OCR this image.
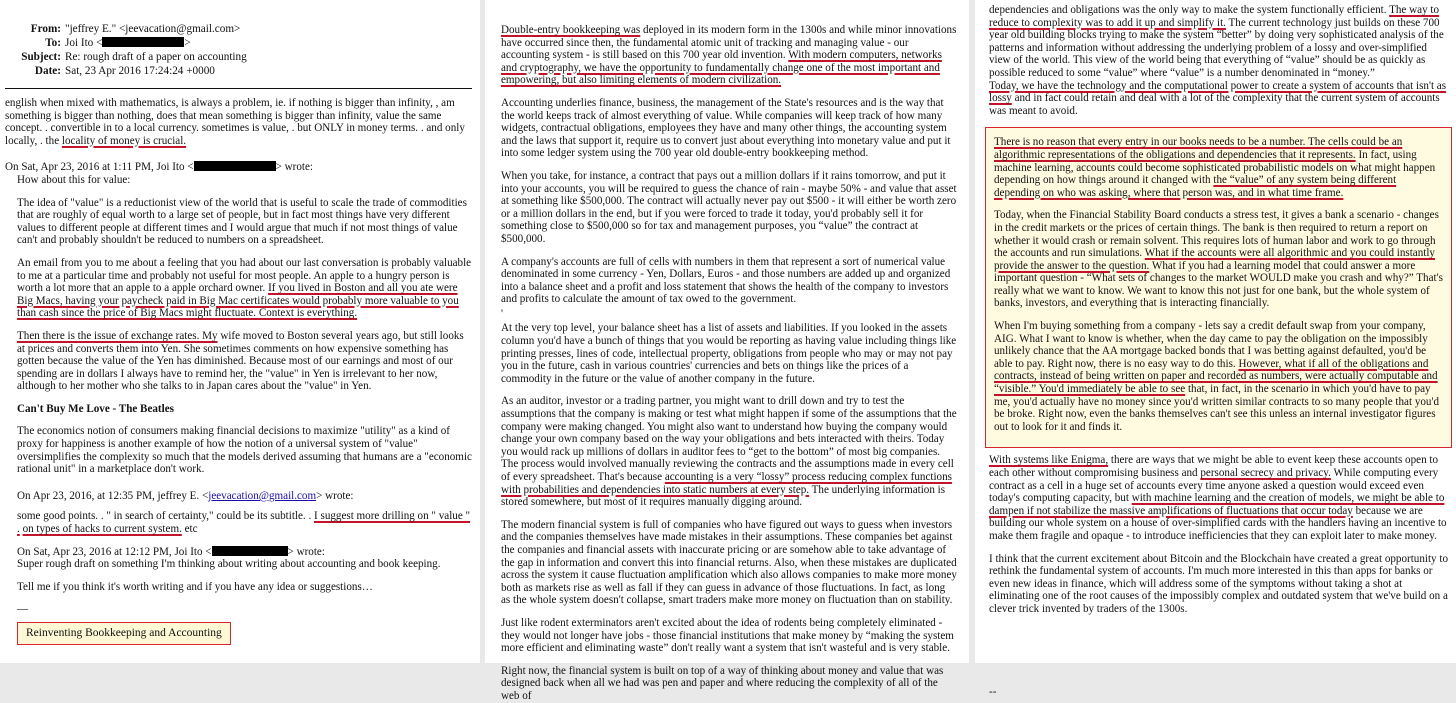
From: "jeffrey E." <jeevacation@gmail.com>
To: Joi Ito <	>
Subject: Re: rough draft of a paper on accounting
Date: Sat, 23 Apr 2016 17:24:24 +0000

english when mixed with mathematics, is always a problem, ie. if nothing is bigger than infinity, , am something is bigger than nothing, does that mean something is bigger than infinity, value the same concept. . convertible in to a local currency. sometimes is value, . but ONLY in money terms. . and only locally, . the locality of money is crucial.

On Sat, Apr 23, 2016 at 1:11 PM, Joi Ito <	> wrote:

How about this for value:

The idea of "value" is a reductionist view of the world that is useful to scale the trade of commodities that are roughly of equal worth to a large set of people, but in fact most things have very different values to different people at different times and I would argue that much if not most things of value can't and probably shouldn't be reduced to numbers on a spreadsheet.

An email from you to me about a feeling that you had about our last conversation is probably valuable to me at a particular time and probably not useful for most people. An apple to a hungry person is worth a lot more that an apple to a apple orchard owner. If you lived in Boston and all you ate were Big Macs, having your paycheck paid in Big Mac certificates would probably more valuable to you than cash since the price of Big Macs might fluctuate. Context is everything.

Then there is the issue of exchange rates. My wife moved to Boston several years ago, but still looks at prices and converts them into Yen. She sometimes comments on how expensive something has gotten because the value of the Yen has diminished. Because most of our earnings and most of our spending are in dollars I always have to remind her, the "value" in Yen is irrelevant to her now, although to her mother who she talks to in Japan cares about the "value" in Yen.

Can't Buy Me Love - The Beatles

The economics notion of consumers making financial decisions to maximize "utility" as a kind of proxy for happiness is another example of how the notion of a universal system of "value" oversimplifies the complexity so much that the models derived assuming that humans are a "economic rational unit" in a marketplace don't work.

On Apr 23, 2016, at 12:35 PM, jeffrey E. <jeevacation@gmail.com> wrote:

some good points. . " in search of certainty," could be its subtitle. . I suggest more drilling on " value " . on types of hacks to current system. etc

On Sat, Apr 23, 2016 at 12:12 PM, Joi Ito <	> wrote:

Super rough draft on something I'm thinking about writing about accounting and book keeping.

Tell me if you think it's worth writing and if you have any idea or suggestions…

—

Reinventing Bookkeeping and Accounting

Double-entry bookkeeping was deployed in its modern form in the 1300s and while minor innovations have occurred since then, the fundamental atomic unit of tracking and managing value - our accounting system - is still based on this 700 year old invention. With modern computers, networks and cryptography, we have the opportunity to fundamentally change one of the most important and empowering, but also limiting elements of modern civilization.

Accounting underlies finance, business, the management of the State's resources and is the way that the world keeps track of almost everything of value. While companies will keep track of how many widgets, contractual obligations, employees they have and many other things, the accounting system and the laws that support it, require us to convert just about everything into monetary value and put it into some ledger system using the 700 year old double-entry bookkeeping method.

When you take, for instance, a contract that pays out a million dollars if it rains tomorrow, and put it into your accounts, you will be required to guess the chance of rain - maybe 50% - and value that asset at something like $500,000. The contract will actually never pay out $500 - it will either be worth zero or a million dollars in the end, but if you were forced to trade it today, you'd probably sell it for something close to $500,000 so for tax and management purposes, you “value” the contract at $500,000.

A company's accounts are full of cells with numbers in them that represent a sort of numerical value denominated in some currency - Yen, Dollars, Euros - and those numbers are added up and organized into a balance sheet and a profit and loss statement that shows the health of the company to investors and profits to calculate the amount of tax owed to the government.

'

At the very top level, your balance sheet has a list of assets and liabilities. If you looked in the assets column you'd have a bunch of things that you would be reporting as having value including things like printing presses, lines of code, intellectual property, obligations from people who may or may not pay you in the future, cash in various countries' currencies and bets on things like the prices of a commodity in the future or the value of another company in the future.

As an auditor, investor or a trading partner, you might want to drill down and try to test the assumptions that the company is making or test what might happen if some of the assumptions that the company were making changed. You might also want to understand how buying the company would change your own company based on the way your obligations and bets interacted with theirs. Today you would rack up millions of dollars in auditor fees to “get to the bottom” of most big companies. The process would involved manually reviewing the contracts and the assumptions made in every cell of every spreadsheet. That's because accounting is a very “lossy” process reducing complex functions with probabilities and dependencies into static numbers at every step. The underlying information is stored somewhere, but most of it requires manually digging around.

The modern financial system is full of companies who have figured out ways to guess when investors and the companies themselves have made mistakes in their assumptions. These companies bet against the companies and financial assets with inaccurate pricing or are somehow able to take advantage of the gap in information and convert this into financial returns. Also, when these mistakes are duplicated across the system it cause fluctuation amplification which also allows companies to make more money both as markets rise as well as fall if they can guess in advance of those fluctuations. In fact, as long as the whole system doesn't collapse, smart traders make more money on fluctuation than on stability.

Just like rodent exterminators aren't excited about the idea of rodents being completely eliminated - they would not longer have jobs - those financial institutions that make money by “making the system more efficient and eliminating waste” don't really want a system that isn't wasteful and is very stable.

Right now, the financial system is built on top of a way of thinking about money and value that was designed back when all we had was pen and paper and where reducing the complexity of all of the web of

dependencies and obligations was the only way to make the system functionally efficient. The way to reduce to complexity was to add it up and simplify it. The current technology just builds on these 700 year old building blocks trying to make the system “better” by doing very sophisticated analysis of the patterns and information without addressing the underlying problem of a lossy and over-simplified view of the world. This view of the world being that everything of “value” should be as quickly as possible reduced to some “value” where “value” is a number denominated in “money.”

Today, we have the technology and the computational power to create a system of accounts that isn't as lossy and in fact could retain and deal with a lot of the complexity that the current system of accounts was meant to avoid.

There is no reason that every entry in our books needs to be a number. The cells could be an algorithmic representations of the obligations and dependencies that it represents. In fact, using machine learning, accounts could become sophisticated probabilistic models on what might happen depending on how things around it changed with the “value” of any system being different depending on who was asking, where that person was, and in what time frame.

Today, when the Financial Stability Board conducts a stress test, it gives a bank a scenario - changes in the credit markets or the prices of certain things. The bank is then required to return a report on whether it would crash or remain solvent. This requires lots of human labor and work to go through the accounts and run simulations. What if the accounts were all algorithmic and you could instantly provide the answer to the question. What if you had a learning model that could answer a more important question - “What sets of changes to the market WOULD make you crash and why?” That's really what we want to know. We want to know this not just for one bank, but the whole system of banks, investors, and everything that is interacting financially.

When I'm buying something from a company - lets say a credit default swap from your company, AIG. What I want to know is whether, when the day came to pay the obligation on the impossibly unlikely chance that the AA mortgage backed bonds that I was betting against defaulted, you'd be able to pay. Right now, there is no easy way to do this. However, what if all of the obligations and contracts, instead of being written on paper and recorded as numbers, were actually computable and “visible.” You'd immediately be able to see that, in fact, in the scenario in which you'd have to pay me, you'd actually have no money since you'd written similar contracts to so many people that you'd be broke. Right now, even the banks themselves can't see this unless an internal investigator figures out to look for it and finds it.

With systems like Enigma, there are ways that we might be able to event keep these accounts open to each other without compromising business and personal secrecy and privacy. While computing every contract as a cell in a huge set of accounts every time anyone asked a question would exceed even today's computing capacity, but with machine learning and the creation of models, we might be able to dampen if not stabilize the massive amplifications of fluctuations that occur today because we are building our whole system on a house of over-simplified cards with the handlers having an incentive to make them fragile and opaque - to introduce inefficiencies that they can exploit later to make money.

I think that the current excitement about Bitcoin and the Blockchain have created a great opportunity to rethink the fundamental system of accounts. I'm much more interested in this than apps for banks or even new ideas in finance, which will address some of the symptoms without taking a shot at eliminating one of the root causes of the impossibly complex and outdated system that we've build on a clever trick invented by traders of the 1300s.

--
